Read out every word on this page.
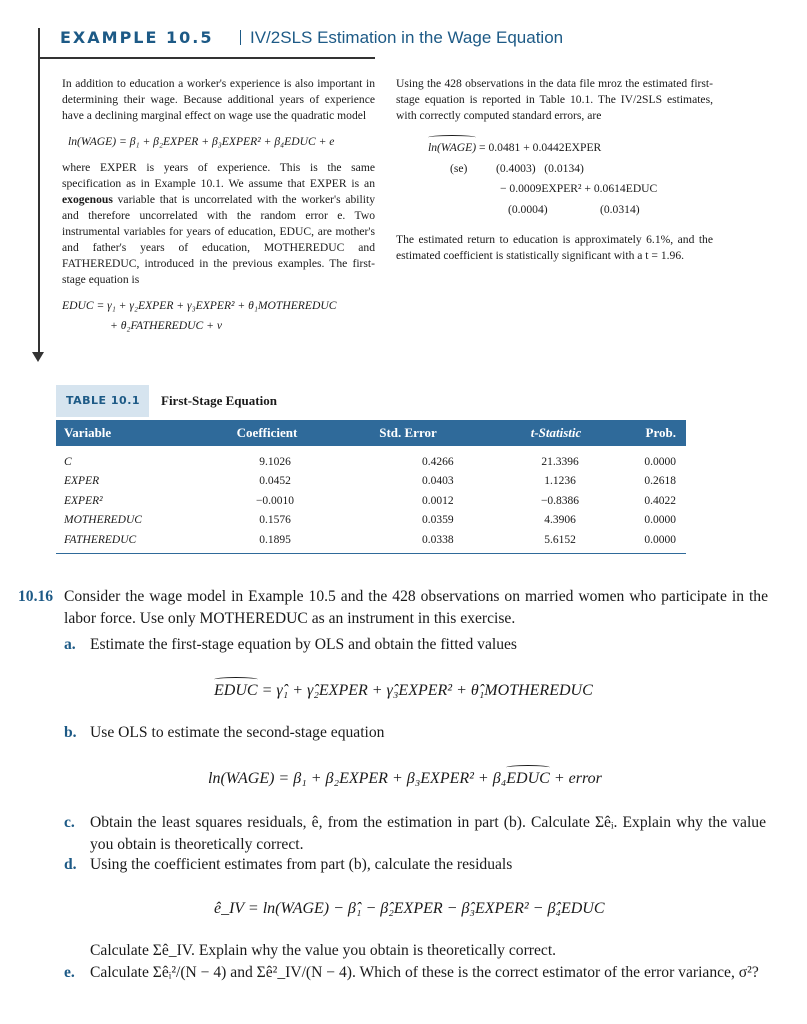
EXAMPLE 10.5 IV/2SLS Estimation in the Wage Equation

In addition to education a worker's experience is also important in determining their wage. Because additional years of experience have a declining marginal effect on wage use the quadratic model

ln(WAGE) = β₁ + β₂EXPER + β₃EXPER² + β₄EDUC + e

where EXPER is years of experience. This is the same specification as in Example 10.1. We assume that EXPER is an exogenous variable that is uncorrelated with the worker's ability and therefore uncorrelated with the random error e. Two instrumental variables for years of education, EDUC, are mother's and father's years of education, MOTHEREDUC and FATHEREDUC, introduced in the previous examples. The first-stage equation is

EDUC = γ₁ + γ₂EXPER + γ₃EXPER² + θ₁MOTHEREDUC
+ θ₂FATHEREDUC + v

Using the 428 observations in the data file mroz the estimated first-stage equation is reported in Table 10.1. The IV/2SLS estimates, with correctly computed standard errors, are

ln(WAGE) = 0.0481 + 0.0442EXPER
(se) (0.4003)   (0.0134)
− 0.0009EXPER² + 0.0614EDUC
(0.0004)	(0.0314)

The estimated return to education is approximately 6.1%, and the estimated coefficient is statistically significant with a t = 1.96.

TABLE 10.1 First-Stage Equation
Variable	Coefficient	Std. Error	t-Statistic	Prob.
C	9.1026	0.4266	21.3396	0.0000
EXPER	0.0452	0.0403	1.1236	0.2618
EXPER²	−0.0010	0.0012	−0.8386	0.4022
MOTHEREDUC	0.1576	0.0359	4.3906	0.0000
FATHEREDUC	0.1895	0.0338	5.6152	0.0000
10.16 Consider the wage model in Example 10.5 and the 428 observations on married women who participate in the labor force. Use only MOTHEREDUC as an instrument in this exercise.
a. Estimate the first-stage equation by OLS and obtain the fitted values
EDUC = γ̂₁ + γ̂₂EXPER + γ̂₃EXPER² + θ̂₁MOTHEREDUC
b. Use OLS to estimate the second-stage equation
ln(WAGE) = β₁ + β₂EXPER + β₃EXPER² + β₄EDUC + error
c. Obtain the least squares residuals, ê, from the estimation in part (b). Calculate Σêᵢ. Explain why the value you obtain is theoretically correct.
d. Using the coefficient estimates from part (b), calculate the residuals
ê_IV = ln(WAGE) − β̂₁ − β̂₂EXPER − β̂₃EXPER² − β̂₄EDUC
Calculate Σê_IV. Explain why the value you obtain is theoretically correct.
e. Calculate Σêᵢ²/(N − 4) and Σê²_IV/(N − 4). Which of these is the correct estimator of the error variance, σ²?
